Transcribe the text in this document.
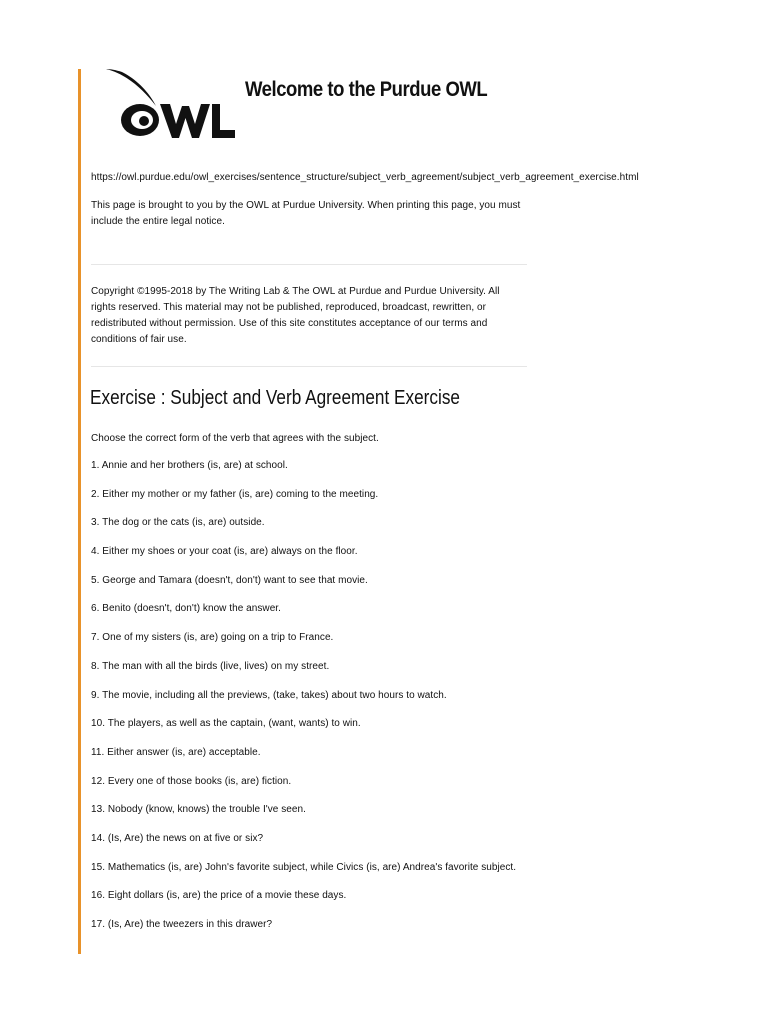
Welcome to the Purdue OWL
https://owl.purdue.edu/owl_exercises/sentence_structure/subject_verb_agreement/subject_verb_agreement_exercise.html
This page is brought to you by the OWL at Purdue University. When printing this page, you must include the entire legal notice.
Copyright ©1995-2018 by The Writing Lab & The OWL at Purdue and Purdue University. All rights reserved. This material may not be published, reproduced, broadcast, rewritten, or redistributed without permission. Use of this site constitutes acceptance of our terms and conditions of fair use.
Exercise : Subject and Verb Agreement Exercise
Choose the correct form of the verb that agrees with the subject.
1. Annie and her brothers (is, are) at school.
2. Either my mother or my father (is, are) coming to the meeting.
3. The dog or the cats (is, are) outside.
4. Either my shoes or your coat (is, are) always on the floor.
5. George and Tamara (doesn't, don't) want to see that movie.
6. Benito (doesn't, don't) know the answer.
7. One of my sisters (is, are) going on a trip to France.
8. The man with all the birds (live, lives) on my street.
9. The movie, including all the previews, (take, takes) about two hours to watch.
10. The players, as well as the captain, (want, wants) to win.
11. Either answer (is, are) acceptable.
12. Every one of those books (is, are) fiction.
13. Nobody (know, knows) the trouble I've seen.
14. (Is, Are) the news on at five or six?
15. Mathematics (is, are) John's favorite subject, while Civics (is, are) Andrea's favorite subject.
16. Eight dollars (is, are) the price of a movie these days.
17. (Is, Are) the tweezers in this drawer?
